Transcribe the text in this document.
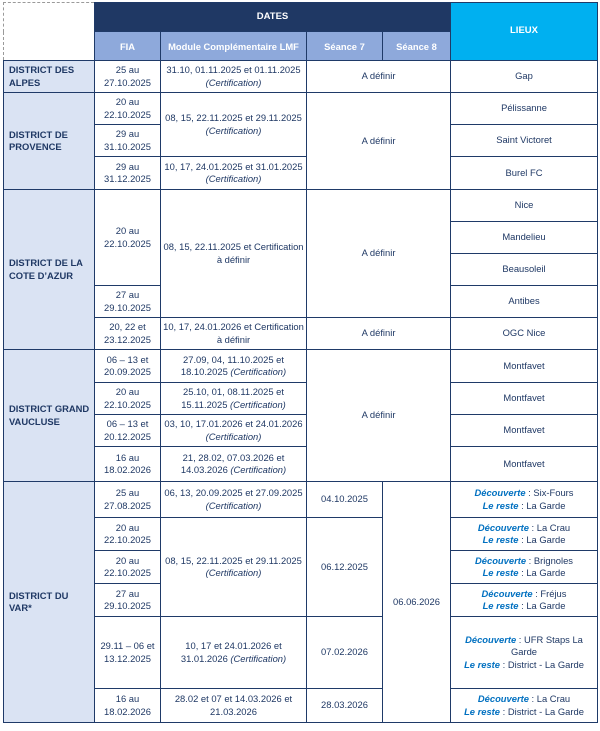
	DATES				LIEUX
	FIA	Module Complémentaire LMF	Séance 7	Séance 8	
DISTRICT DES ALPES	25 au 27.10.2025	31.10, 01.11.2025 et 01.11.2025 (Certification)	A définir		Gap
DISTRICT DE PROVENCE	20 au 22.10.2025	08, 15, 22.11.2025 et 29.11.2025 (Certification)	A définir		Pélissanne
	29 au 31.10.2025				Saint Victoret
	29 au 31.12.2025	10, 17, 24.01.2025 et 31.01.2025 (Certification)			Burel FC
DISTRICT DE LA COTE D’AZUR	20 au 22.10.2025	08, 15, 22.11.2025 et Certification à définir	A définir		Nice
					Mandelieu
					Beausoleil
	27 au 29.10.2025				Antibes
	20, 22 et 23.12.2025	10, 17, 24.01.2026 et Certification à définir	A définir		OGC Nice
DISTRICT GRAND VAUCLUSE	06 – 13 et 20.09.2025	27.09, 04, 11.10.2025 et 18.10.2025 (Certification)	A définir		Montfavet
	20 au 22.10.2025	25.10, 01, 08.11.2025 et 15.11.2025 (Certification)			Montfavet
	06 – 13 et 20.12.2025	03, 10, 17.01.2026 et 24.01.2026 (Certification)			Montfavet
	16 au 18.02.2026	21, 28.02, 07.03.2026 et 14.03.2026 (Certification)			Montfavet
DISTRICT DU VAR*	25 au 27.08.2025	06, 13, 20.09.2025 et 27.09.2025 (Certification)	04.10.2025	06.06.2026	Découverte : Six-Fours
Le reste : La Garde
	20 au 22.10.2025	08, 15, 22.11.2025 et 29.11.2025 (Certification)	06.12.2025		Découverte : La Crau
Le reste : La Garde
	20 au 22.10.2025				Découverte : Brignoles
Le reste : La Garde
	27 au 29.10.2025				Découverte : Fréjus
Le reste : La Garde
	29.11 – 06 et 13.12.2025	10, 17 et 24.01.2026 et 31.01.2026 (Certification)	07.02.2026		Découverte : UFR Staps La Garde
Le reste : District - La Garde
	16 au 18.02.2026	28.02 et 07 et 14.03.2026 et 21.03.2026	28.03.2026		Découverte : La Crau
Le reste : District - La Garde
